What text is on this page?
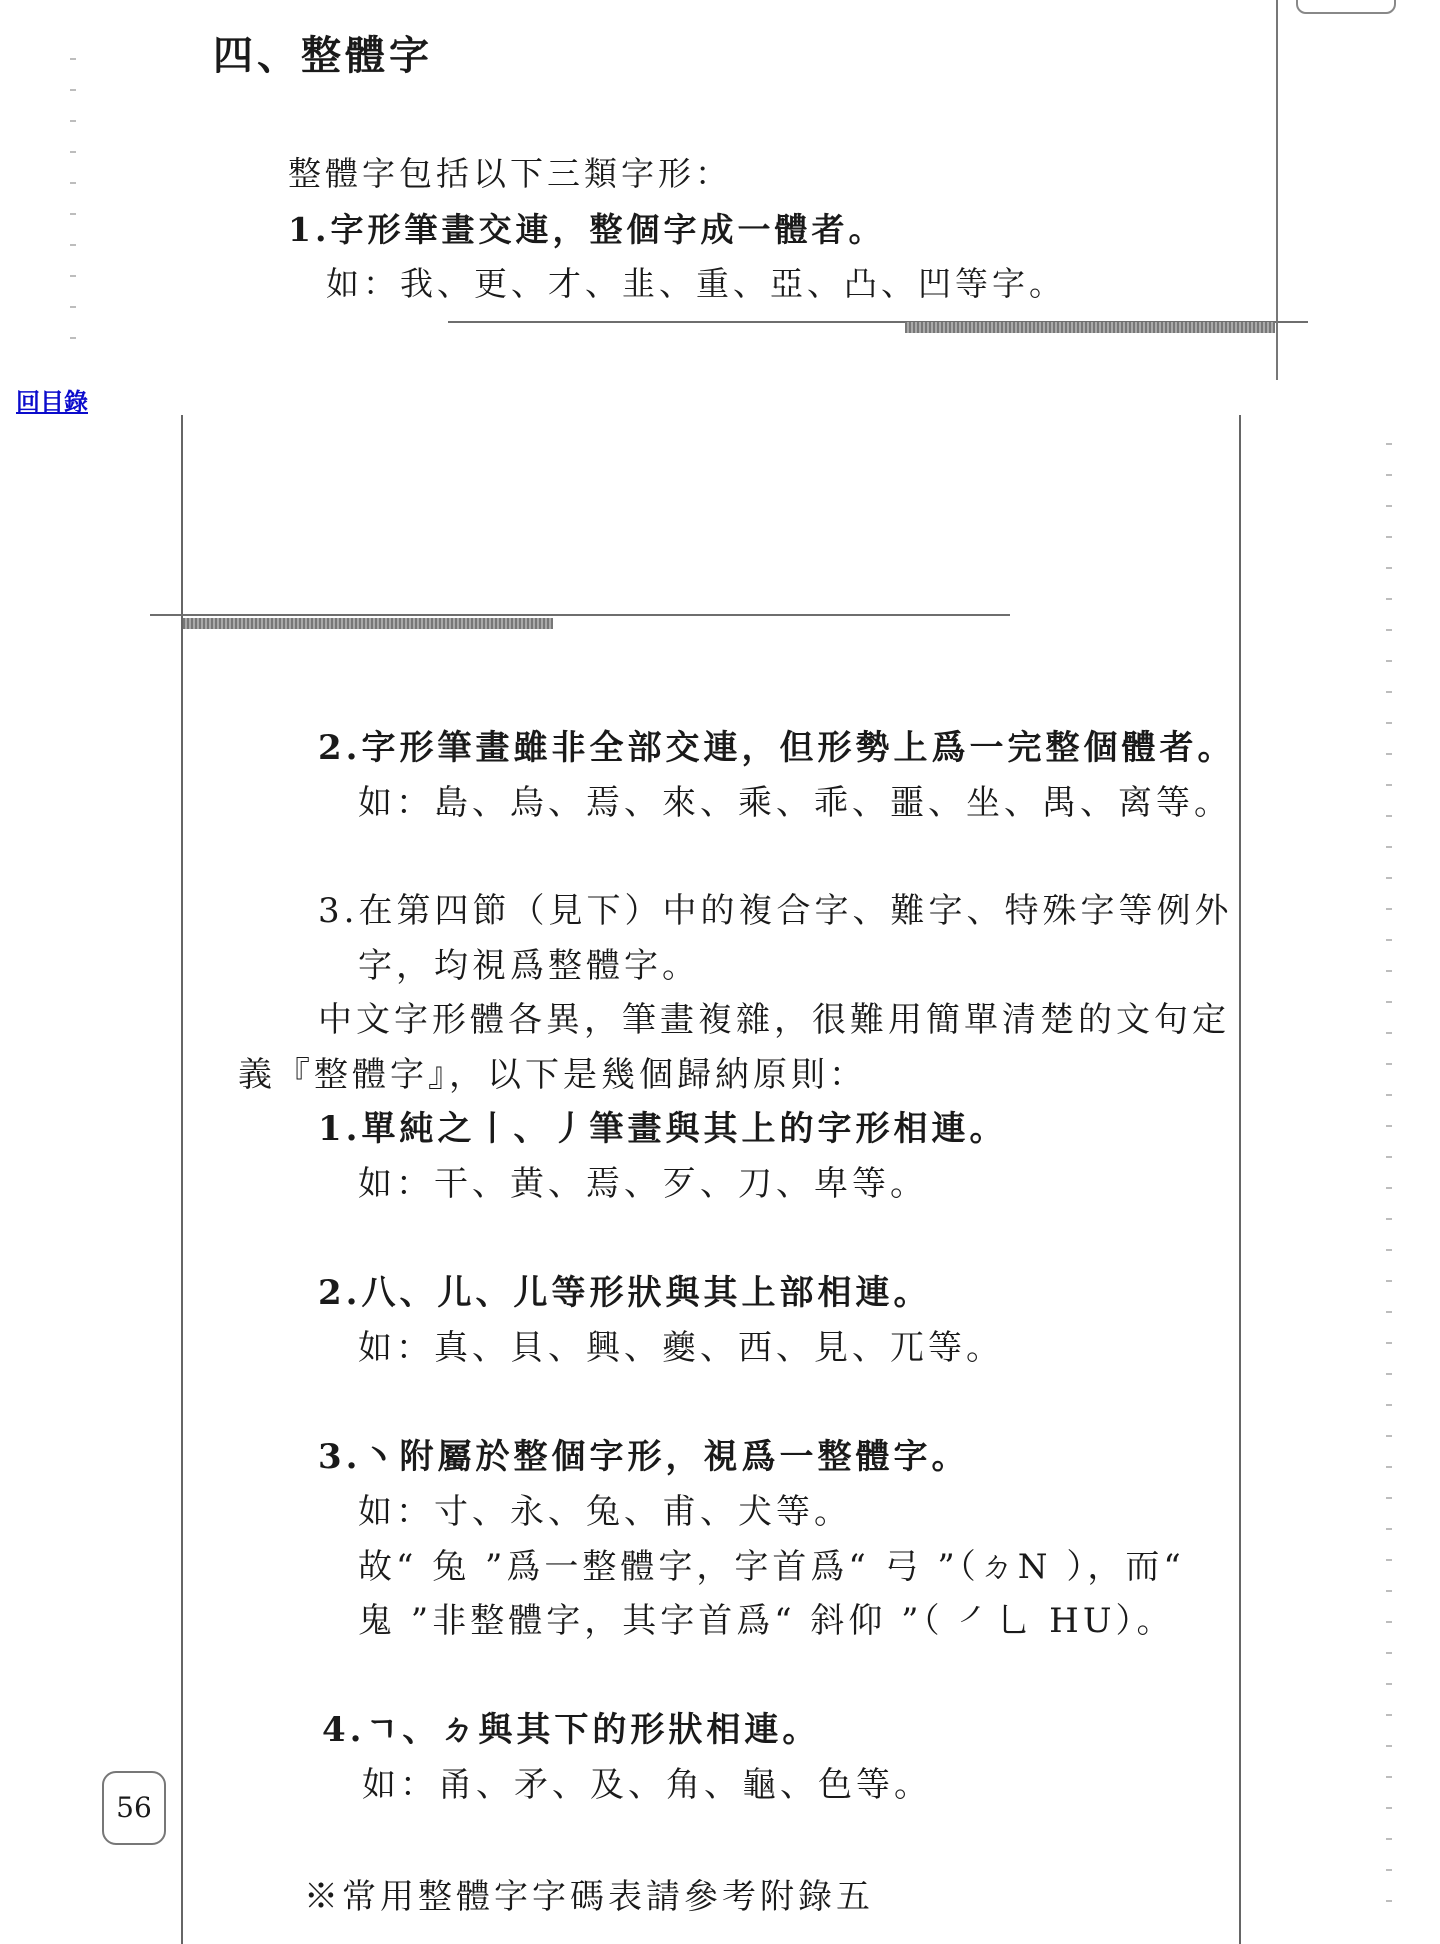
四、整體字
整體字包括以下三類字形：
1.字形筆畫交連，整個字成一體者。
如：我、更、才、韭、重、亞、凸、凹等字。
回目錄
2.字形筆畫雖非全部交連，但形勢上爲一完整個體者。
如：島、烏、焉、來、乘、乖、噩、坐、禺、离等。
3.在第四節（見下）中的複合字、難字、特殊字等例外
字，均視爲整體字。
中文字形體各異，筆畫複雜，很難用簡單清楚的文句定
義『整體字』，以下是幾個歸納原則：
1.單純之丨、丿筆畫與其上的字形相連。
如：干、黄、焉、歹、刀、卑等。
2.八、儿、儿等形狀與其上部相連。
如：真、貝、興、夔、西、見、兀等。
3.丶附屬於整個字形，視爲一整體字。
如：寸、永、兔、甫、犬等。
故“ 兔 ”爲一整體字，字首爲“ 弓 ”（ㄉN ），而“
鬼 ”非整體字，其字首爲“ 斜仰 ”（ ㇒乚 HU）。
4.ㄱ、ㄉ與其下的形狀相連。
如：甬、矛、及、角、龜、色等。
56
※常用整體字字碼表請參考附錄五
